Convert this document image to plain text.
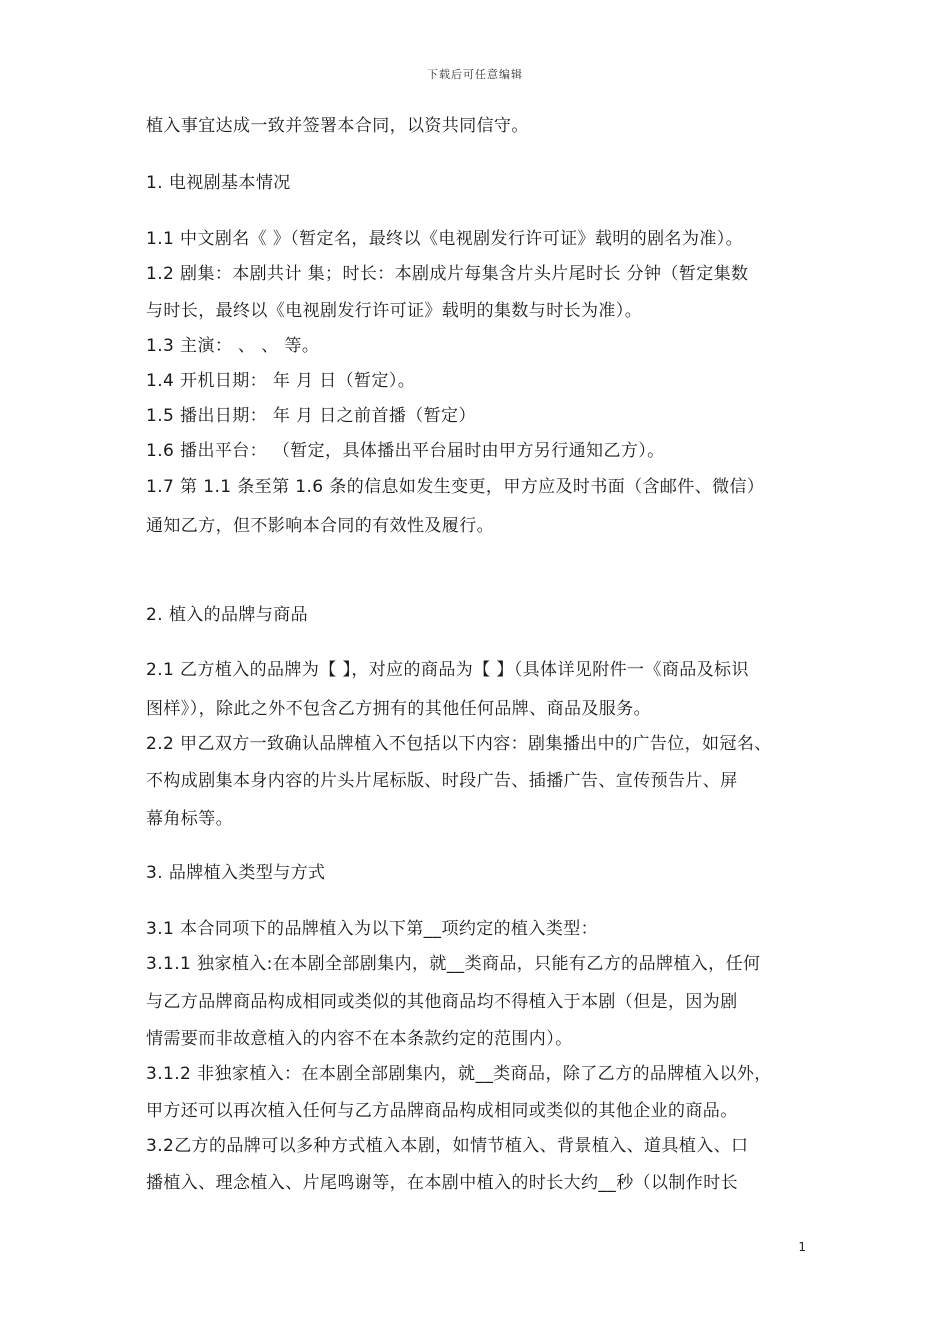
下载后可任意编辑
植入事宜达成一致并签署本合同，以资共同信守。
1. 电视剧基本情况
1.1 中文剧名《 》（暂定名，最终以《电视剧发行许可证》载明的剧名为准）。
1.2 剧集：本剧共计 集；时长：本剧成片每集含片头片尾时长 分钟（暂定集数
与时长，最终以《电视剧发行许可证》载明的集数与时长为准）。
1.3 主演： 、 、 等。
1.4 开机日期： 年 月 日（暂定）。
1.5 播出日期： 年 月 日之前首播（暂定）
1.6 播出平台： （暂定，具体播出平台届时由甲方另行通知乙方）。
1.7 第 1.1 条至第 1.6 条的信息如发生变更，甲方应及时书面（含邮件、微信）
通知乙方，但不影响本合同的有效性及履行。
2. 植入的品牌与商品
2.1 乙方植入的品牌为【 】，对应的商品为【 】（具体详见附件一《商品及标识
图样》），除此之外不包含乙方拥有的其他任何品牌、商品及服务。
2.2 甲乙双方一致确认品牌植入不包括以下内容：剧集播出中的广告位，如冠名、
不构成剧集本身内容的片头片尾标版、时段广告、插播广告、宣传预告片、屏
幕角标等。
3. 品牌植入类型与方式
3.1 本合同项下的品牌植入为以下第__项约定的植入类型：
3.1.1 独家植入:在本剧全部剧集内，就__类商品，只能有乙方的品牌植入，任何
与乙方品牌商品构成相同或类似的其他商品均不得植入于本剧（但是，因为剧
情需要而非故意植入的内容不在本条款约定的范围内）。
3.1.2 非独家植入：在本剧全部剧集内，就__类商品，除了乙方的品牌植入以外，
甲方还可以再次植入任何与乙方品牌商品构成相同或类似的其他企业的商品。
3.2乙方的品牌可以多种方式植入本剧，如情节植入、背景植入、道具植入、口
播植入、理念植入、片尾鸣谢等，在本剧中植入的时长大约__秒（以制作时长
1
